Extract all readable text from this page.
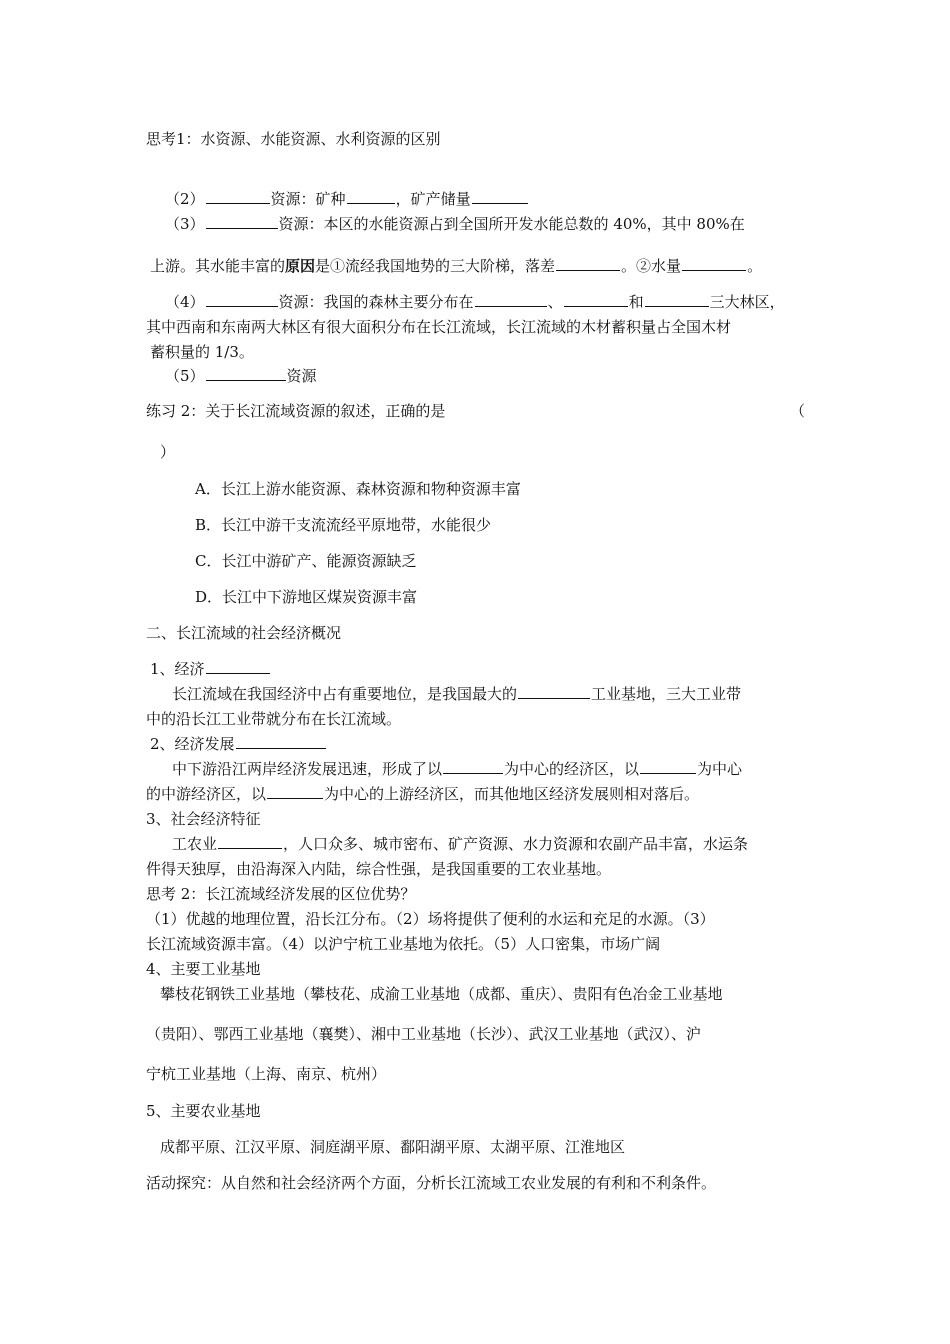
思考1：水资源、水能资源、水利资源的区别
（2）	资源：矿种	，矿产储量
（3）	资源：本区的水能资源占到全国所开发水能总数的 40%，其中 80%在
上游。其水能丰富的原因是①流经我国地势的三大阶梯，落差	。②水量	。
（4）	资源：我国的森林主要分布在	、	和	三大林区，
其中西南和东南两大林区有很大面积分布在长江流域，长江流域的木材蓄积量占全国木材
蓄积量的 1/3。
（5）	资源
练习 2：关于长江流域资源的叙述，正确的是	（
）
A．长江上游水能资源、森林资源和物种资源丰富
B．长江中游干支流流经平原地带，水能很少
C．长江中游矿产、能源资源缺乏
D．长江中下游地区煤炭资源丰富
二、长江流域的社会经济概况
1、经济
长江流域在我国经济中占有重要地位，是我国最大的	工业基地，三大工业带
中的沿长江工业带就分布在长江流域。
2、经济发展
中下游沿江两岸经济发展迅速，形成了以	为中心的经济区，以	为中心
的中游经济区，以	为中心的上游经济区，而其他地区经济发展则相对落后。
3、社会经济特征
工农业	，人口众多、城市密布、矿产资源、水力资源和农副产品丰富，水运条
件得天独厚，由沿海深入内陆，综合性强，是我国重要的工农业基地。
思考 2：长江流域经济发展的区位优势？
（1）优越的地理位置，沿长江分布。（2）场将提供了便利的水运和充足的水源。（3）
长江流域资源丰富。（4）以沪宁杭工业基地为依托。（5）人口密集，市场广阔
4、主要工业基地
攀枝花钢铁工业基地（攀枝花、成渝工业基地（成都、重庆）、贵阳有色冶金工业基地
（贵阳）、鄂西工业基地（襄樊）、湘中工业基地（长沙）、武汉工业基地（武汉）、沪
宁杭工业基地（上海、南京、杭州）
5、主要农业基地
成都平原、江汉平原、洞庭湖平原、鄱阳湖平原、太湖平原、江淮地区
活动探究：从自然和社会经济两个方面，分析长江流域工农业发展的有利和不利条件。
